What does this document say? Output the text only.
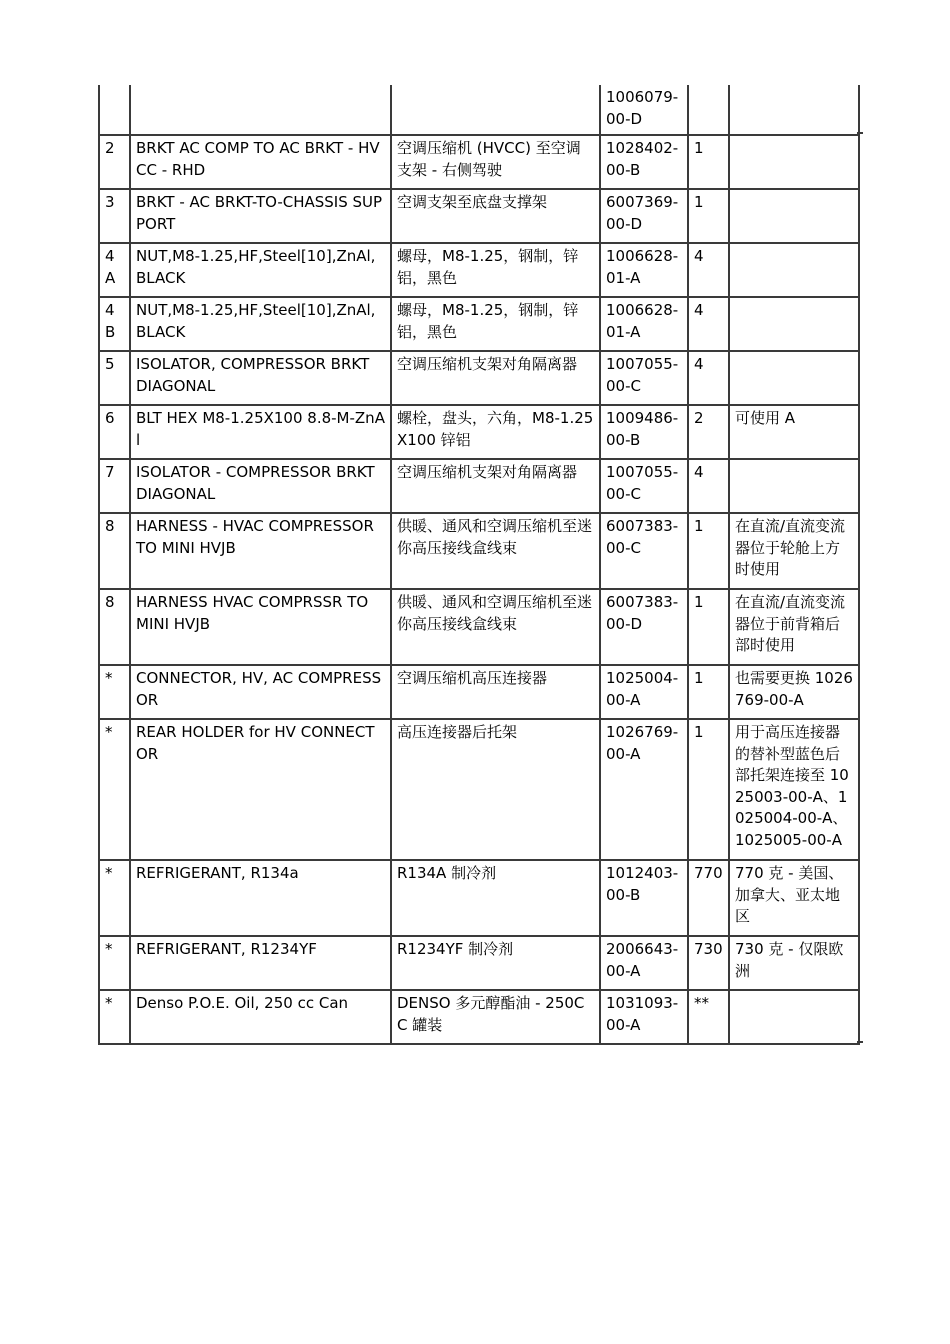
			1006079-00-D		
2	BRKT AC COMP TO AC BRKT - HVCC - RHD	空调压缩机 (HVCC) 至空调支架 - 右侧驾驶	1028402-00-B	1	
3	BRKT - AC BRKT-TO-CHASSIS SUPPORT	空调支架至底盘支撑架	6007369-00-D	1	
4A	NUT,M8-1.25,HF,Steel[10],ZnAl,BLACK	螺母，M8-1.25，钢制，锌铝，黑色	1006628-01-A	4	
4B	NUT,M8-1.25,HF,Steel[10],ZnAl,BLACK	螺母，M8-1.25，钢制，锌铝，黑色	1006628-01-A	4	
5	ISOLATOR, COMPRESSOR BRKT DIAGONAL	空调压缩机支架对角隔离器	1007055-00-C	4	
6	BLT HEX M8-1.25X100 8.8-M-ZnAl	螺栓，盘头，六角，M8-1.25X100 锌铝	1009486-00-B	2	可使用 A
7	ISOLATOR - COMPRESSOR BRKT DIAGONAL	空调压缩机支架对角隔离器	1007055-00-C	4	
8	HARNESS - HVAC COMPRESSOR TO MINI HVJB	供暖、通风和空调压缩机至迷你高压接线盒线束	6007383-00-C	1	在直流/直流变流器位于轮舱上方时使用
8	HARNESS HVAC COMPRSSR TO MINI HVJB	供暖、通风和空调压缩机至迷你高压接线盒线束	6007383-00-D	1	在直流/直流变流器位于前背箱后部时使用
*	CONNECTOR, HV, AC COMPRESSOR	空调压缩机高压连接器	1025004-00-A	1	也需要更换 1026769-00-A
*	REAR HOLDER for HV CONNECTOR	高压连接器后托架	1026769-00-A	1	用于高压连接器的替补型蓝色后部托架连接至 1025003-00-A、1025004-00-A、1025005-00-A
*	REFRIGERANT, R134a	R134A 制冷剂	1012403-00-B	770	770 克 - 美国、加拿大、亚太地区
*	REFRIGERANT, R1234YF	R1234YF 制冷剂	2006643-00-A	730	730 克 - 仅限欧洲
*	Denso P.O.E. Oil, 250 cc Can	DENSO 多元醇酯油 - 250CC 罐装	1031093-00-A	**	
